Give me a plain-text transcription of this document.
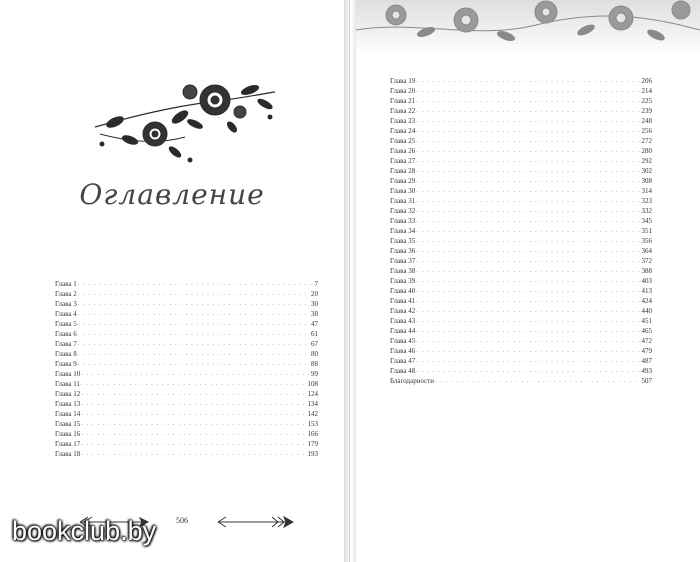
Оглавление
Глава 1 . . .	7
Глава 2 . . .	20
Глава 3 . . .	30
Глава 4 . . .	38
Глава 5 . . .	47
Глава 6 . . .	61
Глава 7 . . .	67
Глава 8 . . .	80
Глава 9 . . .	88
Глава 10 . . .	99
Глава 11 . . .	108
Глава 12 . . .	124
Глава 13 . . .	134
Глава 14 . . .	142
Глава 15 . . .	153
Глава 16 . . .	166
Глава 17 . . .	179
Глава 18 . . .	193
506
Глава 19 . . .	206
Глава 20 . . .	214
Глава 21 . . .	225
Глава 22 . . .	239
Глава 23 . . .	248
Глава 24 . . .	256
Глава 25 . . .	272
Глава 26 . . .	280
Глава 27 . . .	292
Глава 28 . . .	302
Глава 29 . . .	308
Глава 30 . . .	314
Глава 31 . . .	323
Глава 32 . . .	332
Глава 33 . . .	345
Глава 34 . . .	351
Глава 35 . . .	356
Глава 36 . . .	364
Глава 37 . . .	372
Глава 38 . . .	388
Глава 39 . . .	403
Глава 40 . . .	413
Глава 41 . . .	424
Глава 42 . . .	440
Глава 43 . . .	451
Глава 44 . . .	465
Глава 45 . . .	472
Глава 46 . . .	479
Глава 47 . . .	487
Глава 48 . . .	493
Благодарности . . .	507
bookclub.by
